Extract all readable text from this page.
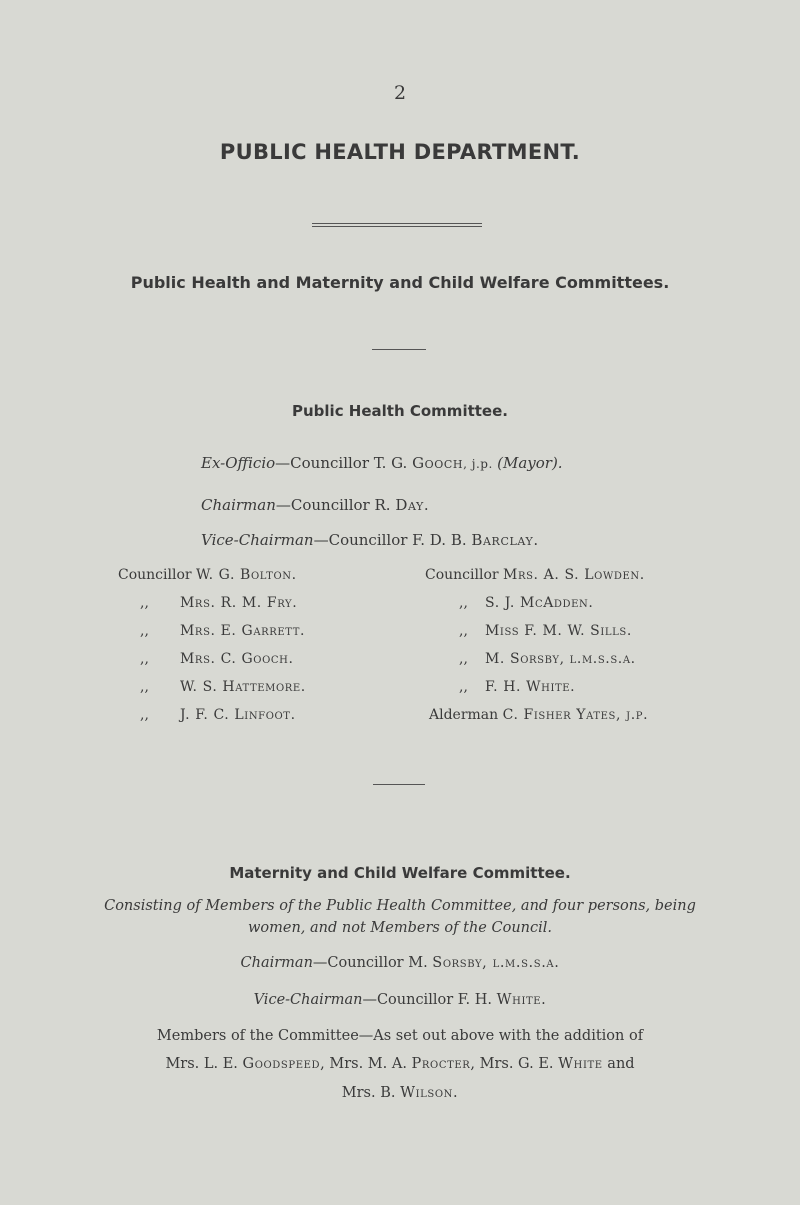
2
PUBLIC HEALTH DEPARTMENT.
Public Health and Maternity and Child Welfare Committees.
Public Health Committee.
Ex-Officio—Councillor T. G. Gooch, j.p. (Mayor).
Chairman—Councillor R. Day.
Vice-Chairman—Councillor F. D. B. Barclay.
Councillor W. G. Bolton.
,, Mrs. R. M. Fry.
,, Mrs. E. Garrett.
,, Mrs. C. Gooch.
,, W. S. Hattemore.
,, J. F. C. Linfoot.
Councillor Mrs. A. S. Lowden.
,, S. J. McAdden.
,, Miss F. M. W. Sills.
,, M. Sorsby, l.m.s.s.a.
,, F. H. White.
Alderman C. Fisher Yates, j.p.
Maternity and Child Welfare Committee.
Consisting of Members of the Public Health Committee, and four persons, being
women, and not Members of the Council.
Chairman—Councillor M. Sorsby, l.m.s.s.a.
Vice-Chairman—Councillor F. H. White.
Members of the Committee—As set out above with the addition of
Mrs. L. E. Goodspeed, Mrs. M. A. Procter, Mrs. G. E. White and
Mrs. B. Wilson.
